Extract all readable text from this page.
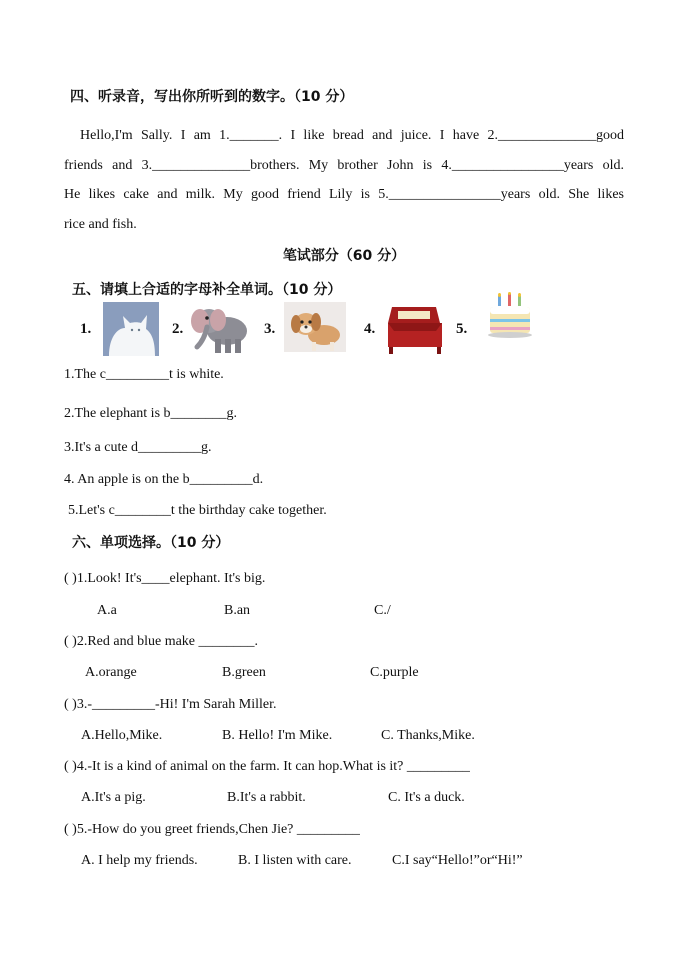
四、听录音，写出你所听到的数字。（10 分）
Hello,I'm Sally. I am 1._______. I like bread and juice. I have 2.______________good
friends and 3.______________brothers. My brother John is 4.________________years old.
He likes cake and milk. My good friend Lily is 5.________________years old. She likes
rice and fish.
笔试部分（60 分）
五、请填上合适的字母补全单词。（10 分）
1.	2.	3.	4.	5.
1.The c_________t is white.
2.The elephant is b________g.
3.It's a cute d_________g.
4. An apple is on the b_________d.
5.Let's c________t the birthday cake together.
六、单项选择。（10 分）
( )1.Look! It's____elephant. It's big.
A.a	B.an	C./
( )2.Red and blue make ________.
A.orange	B.green	C.purple
( )3.-_________-Hi! I'm Sarah Miller.
A.Hello,Mike.	B. Hello! I'm Mike.	C. Thanks,Mike.
( )4.-It is a kind of animal on the farm. It can hop.What is it? _________
A.It's a pig.	B.It's a rabbit.	C. It's a duck.
( )5.-How do you greet friends,Chen Jie? _________
A. I help my friends.	B. I listen with care.	C.I say“Hello!”or“Hi!”
